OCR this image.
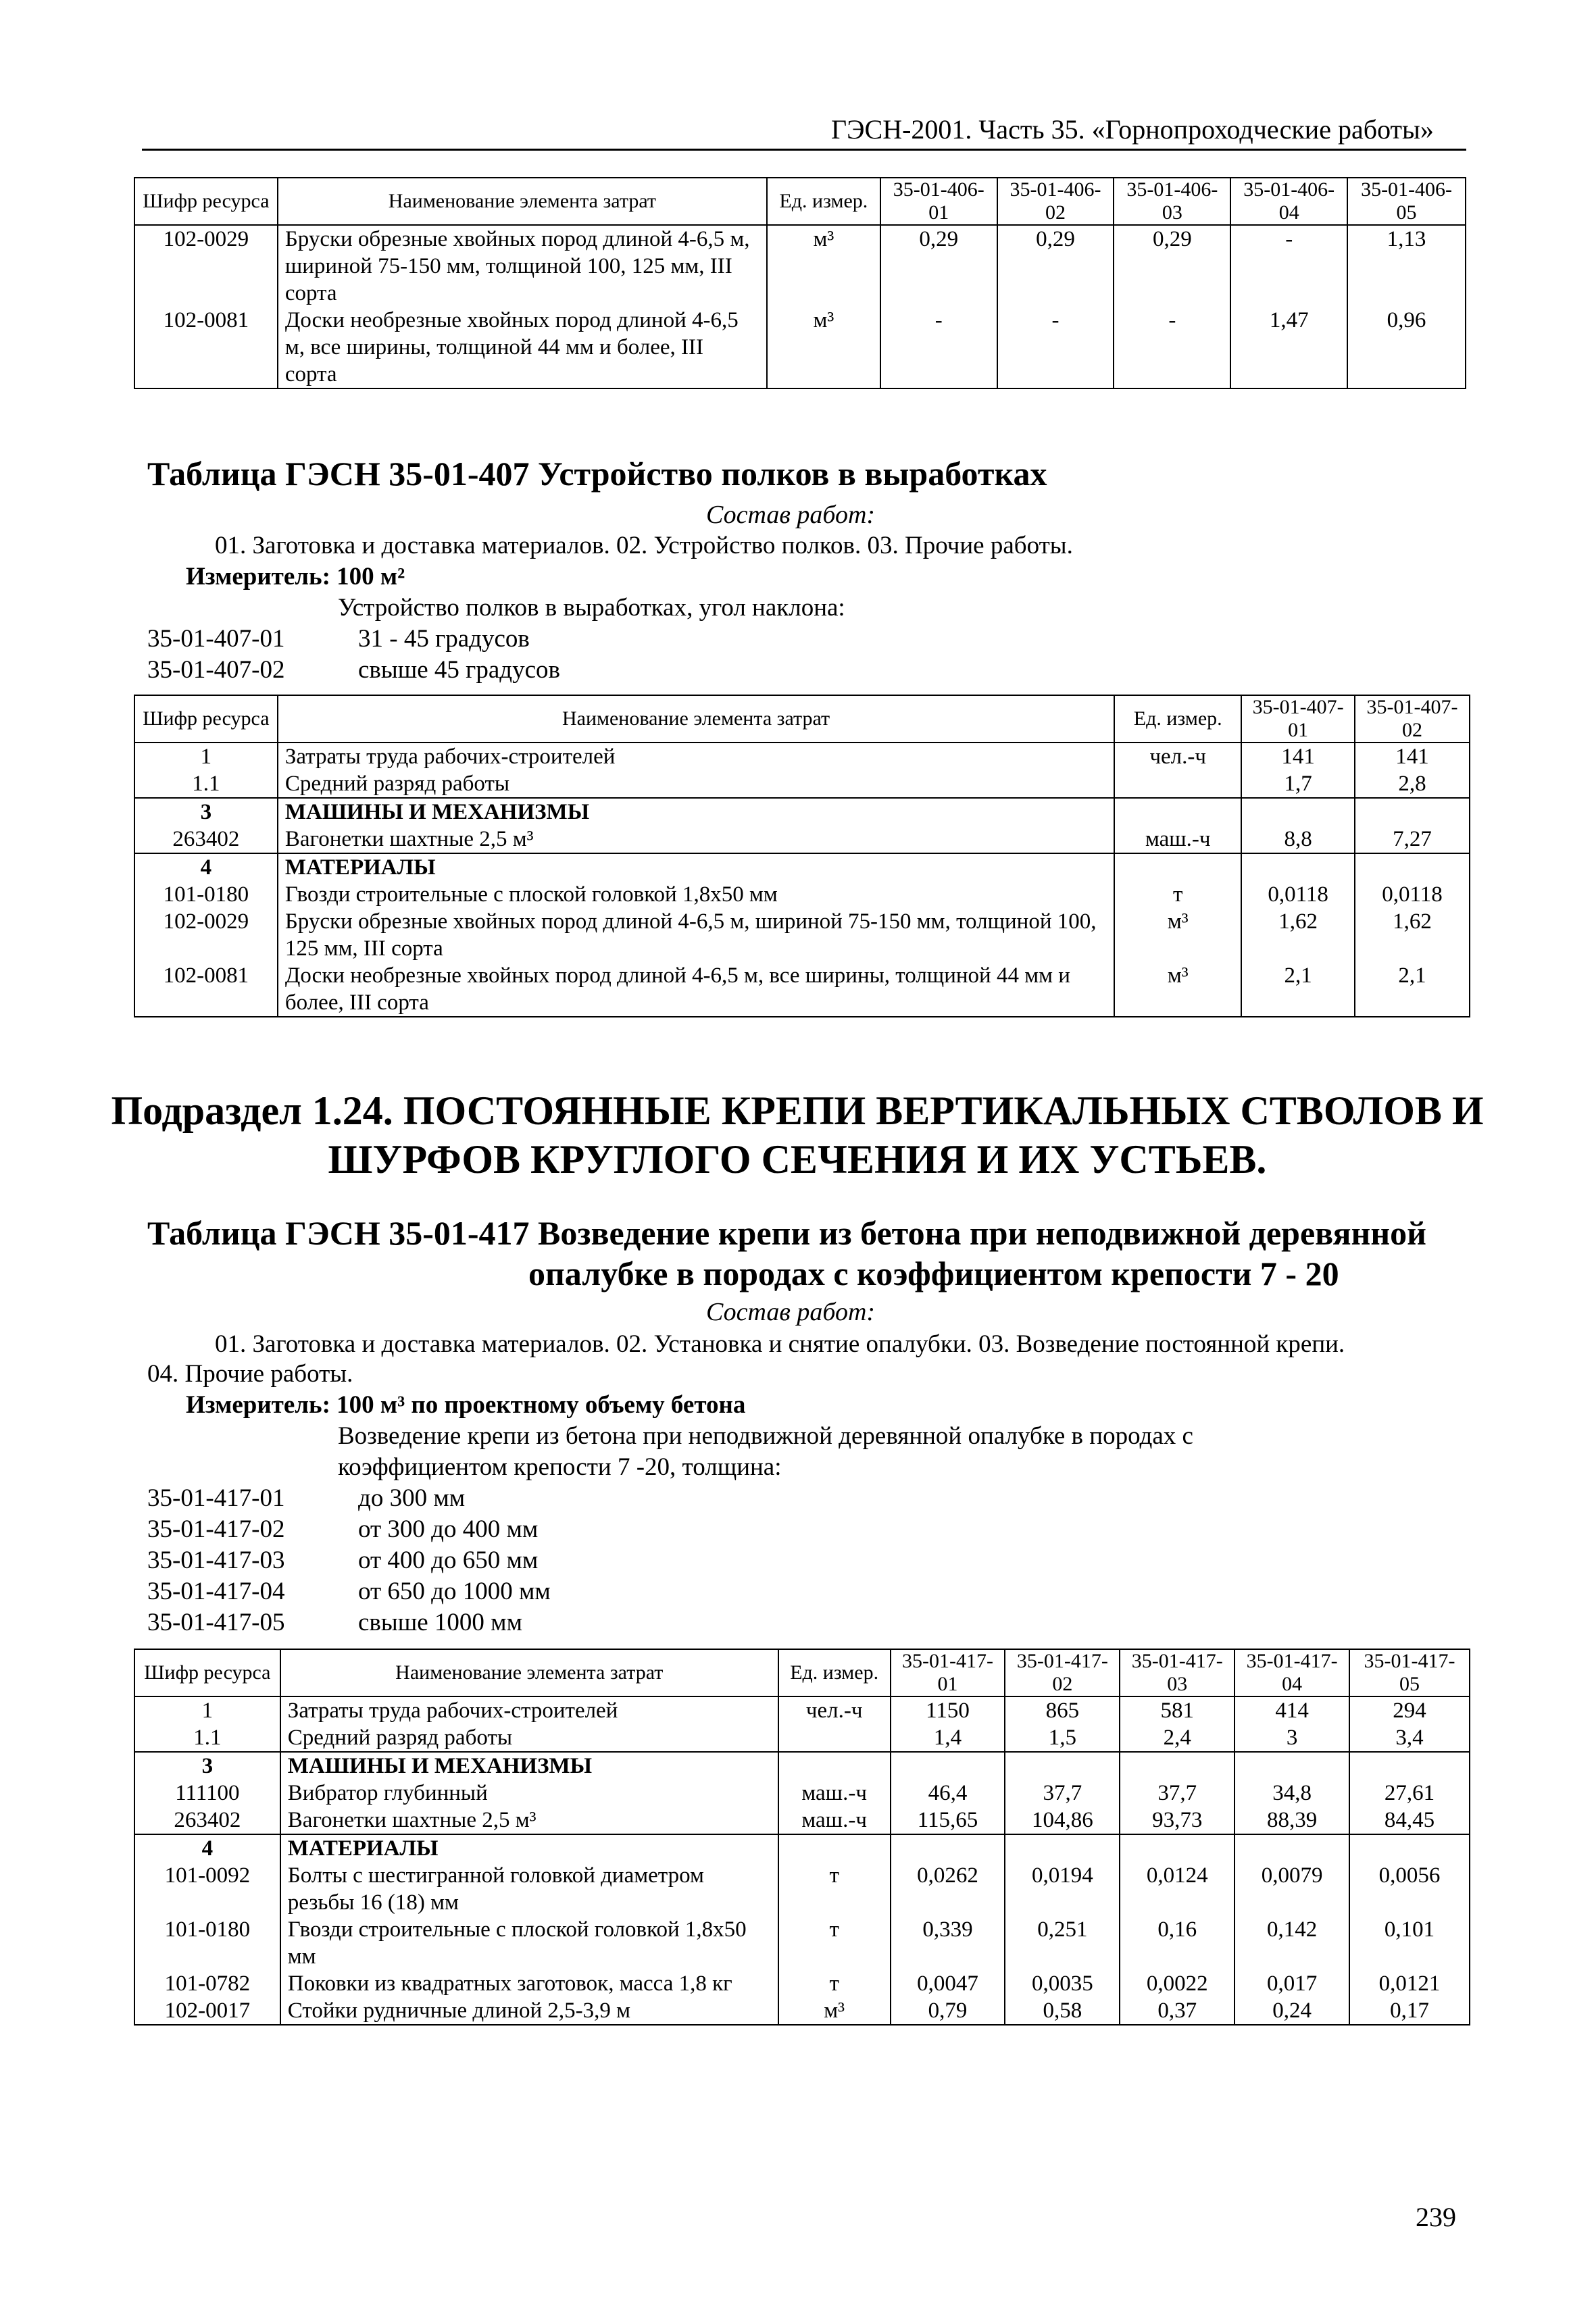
ГЭСН-2001. Часть 35. «Горнопроходческие работы»
Шифр ресурса	Наименование элемента затрат	Ед. измер.	35-01-406-01	35-01-406-02	35-01-406-03	35-01-406-04	35-01-406-05
102-0029	Бруски обрезные хвойных пород длиной 4-6,5 м, шириной 75-150 мм, толщиной 100, 125 мм, III сорта	м³	0,29	0,29	0,29	-	1,13
102-0081	Доски необрезные хвойных пород длиной 4-6,5 м, все ширины, толщиной 44 мм и более, III сорта	м³	-	-	-	1,47	0,96
Таблица ГЭСН 35-01-407 Устройство полков в выработках
Состав работ:
01. Заготовка и доставка материалов. 02. Устройство полков. 03. Прочие работы.
Измеритель: 100 м²
Устройство полков в выработках, угол наклона:
35-01-407-01	31 - 45 градусов
35-01-407-02	свыше 45 градусов
Шифр ресурса	Наименование элемента затрат	Ед. измер.	35-01-407-01	35-01-407-02
1	Затраты труда рабочих-строителей	чел.-ч	141	141
1.1	Средний разряд работы		1,7	2,8
3	МАШИНЫ И МЕХАНИЗМЫ			
263402	Вагонетки шахтные 2,5 м³	маш.-ч	8,8	7,27
4	МАТЕРИАЛЫ			
101-0180	Гвозди строительные с плоской головкой 1,8x50 мм	т	0,0118	0,0118
102-0029	Бруски обрезные хвойных пород длиной 4-6,5 м, шириной 75-150 мм, толщиной 100, 125 мм, III сорта	м³	1,62	1,62
102-0081	Доски необрезные хвойных пород длиной 4-6,5 м, все ширины, толщиной 44 мм и более, III сорта	м³	2,1	2,1
Подраздел 1.24. ПОСТОЯННЫЕ КРЕПИ ВЕРТИКАЛЬНЫХ СТВОЛОВ И
ШУРФОВ КРУГЛОГО СЕЧЕНИЯ И ИХ УСТЬЕВ.
Таблица ГЭСН 35-01-417 Возведение крепи из бетона при неподвижной деревянной
опалубке в породах с коэффициентом крепости 7 - 20
Состав работ:
01. Заготовка и доставка материалов. 02. Установка и снятие опалубки. 03. Возведение постоянной крепи.
04. Прочие работы.
Измеритель: 100 м³ по проектному объему бетона
Возведение крепи из бетона при неподвижной деревянной опалубке в породах с
коэффициентом крепости 7 -20, толщина:
35-01-417-01	до 300 мм
35-01-417-02	от 300 до 400 мм
35-01-417-03	от 400 до 650 мм
35-01-417-04	от 650 до 1000 мм
35-01-417-05	свыше 1000 мм
Шифр ресурса	Наименование элемента затрат	Ед. измер.	35-01-417-01	35-01-417-02	35-01-417-03	35-01-417-04	35-01-417-05
1	Затраты труда рабочих-строителей	чел.-ч	1150	865	581	414	294
1.1	Средний разряд работы		1,4	1,5	2,4	3	3,4
3	МАШИНЫ И МЕХАНИЗМЫ						
111100	Вибратор глубинный	маш.-ч	46,4	37,7	37,7	34,8	27,61
263402	Вагонетки шахтные 2,5 м³	маш.-ч	115,65	104,86	93,73	88,39	84,45
4	МАТЕРИАЛЫ						
101-0092	Болты с шестигранной головкой диаметром резьбы 16 (18) мм	т	0,0262	0,0194	0,0124	0,0079	0,0056
101-0180	Гвозди строительные с плоской головкой 1,8x50 мм	т	0,339	0,251	0,16	0,142	0,101
101-0782	Поковки из квадратных заготовок, масса 1,8 кг	т	0,0047	0,0035	0,0022	0,017	0,0121
102-0017	Стойки рудничные длиной 2,5-3,9 м	м³	0,79	0,58	0,37	0,24	0,17
239
